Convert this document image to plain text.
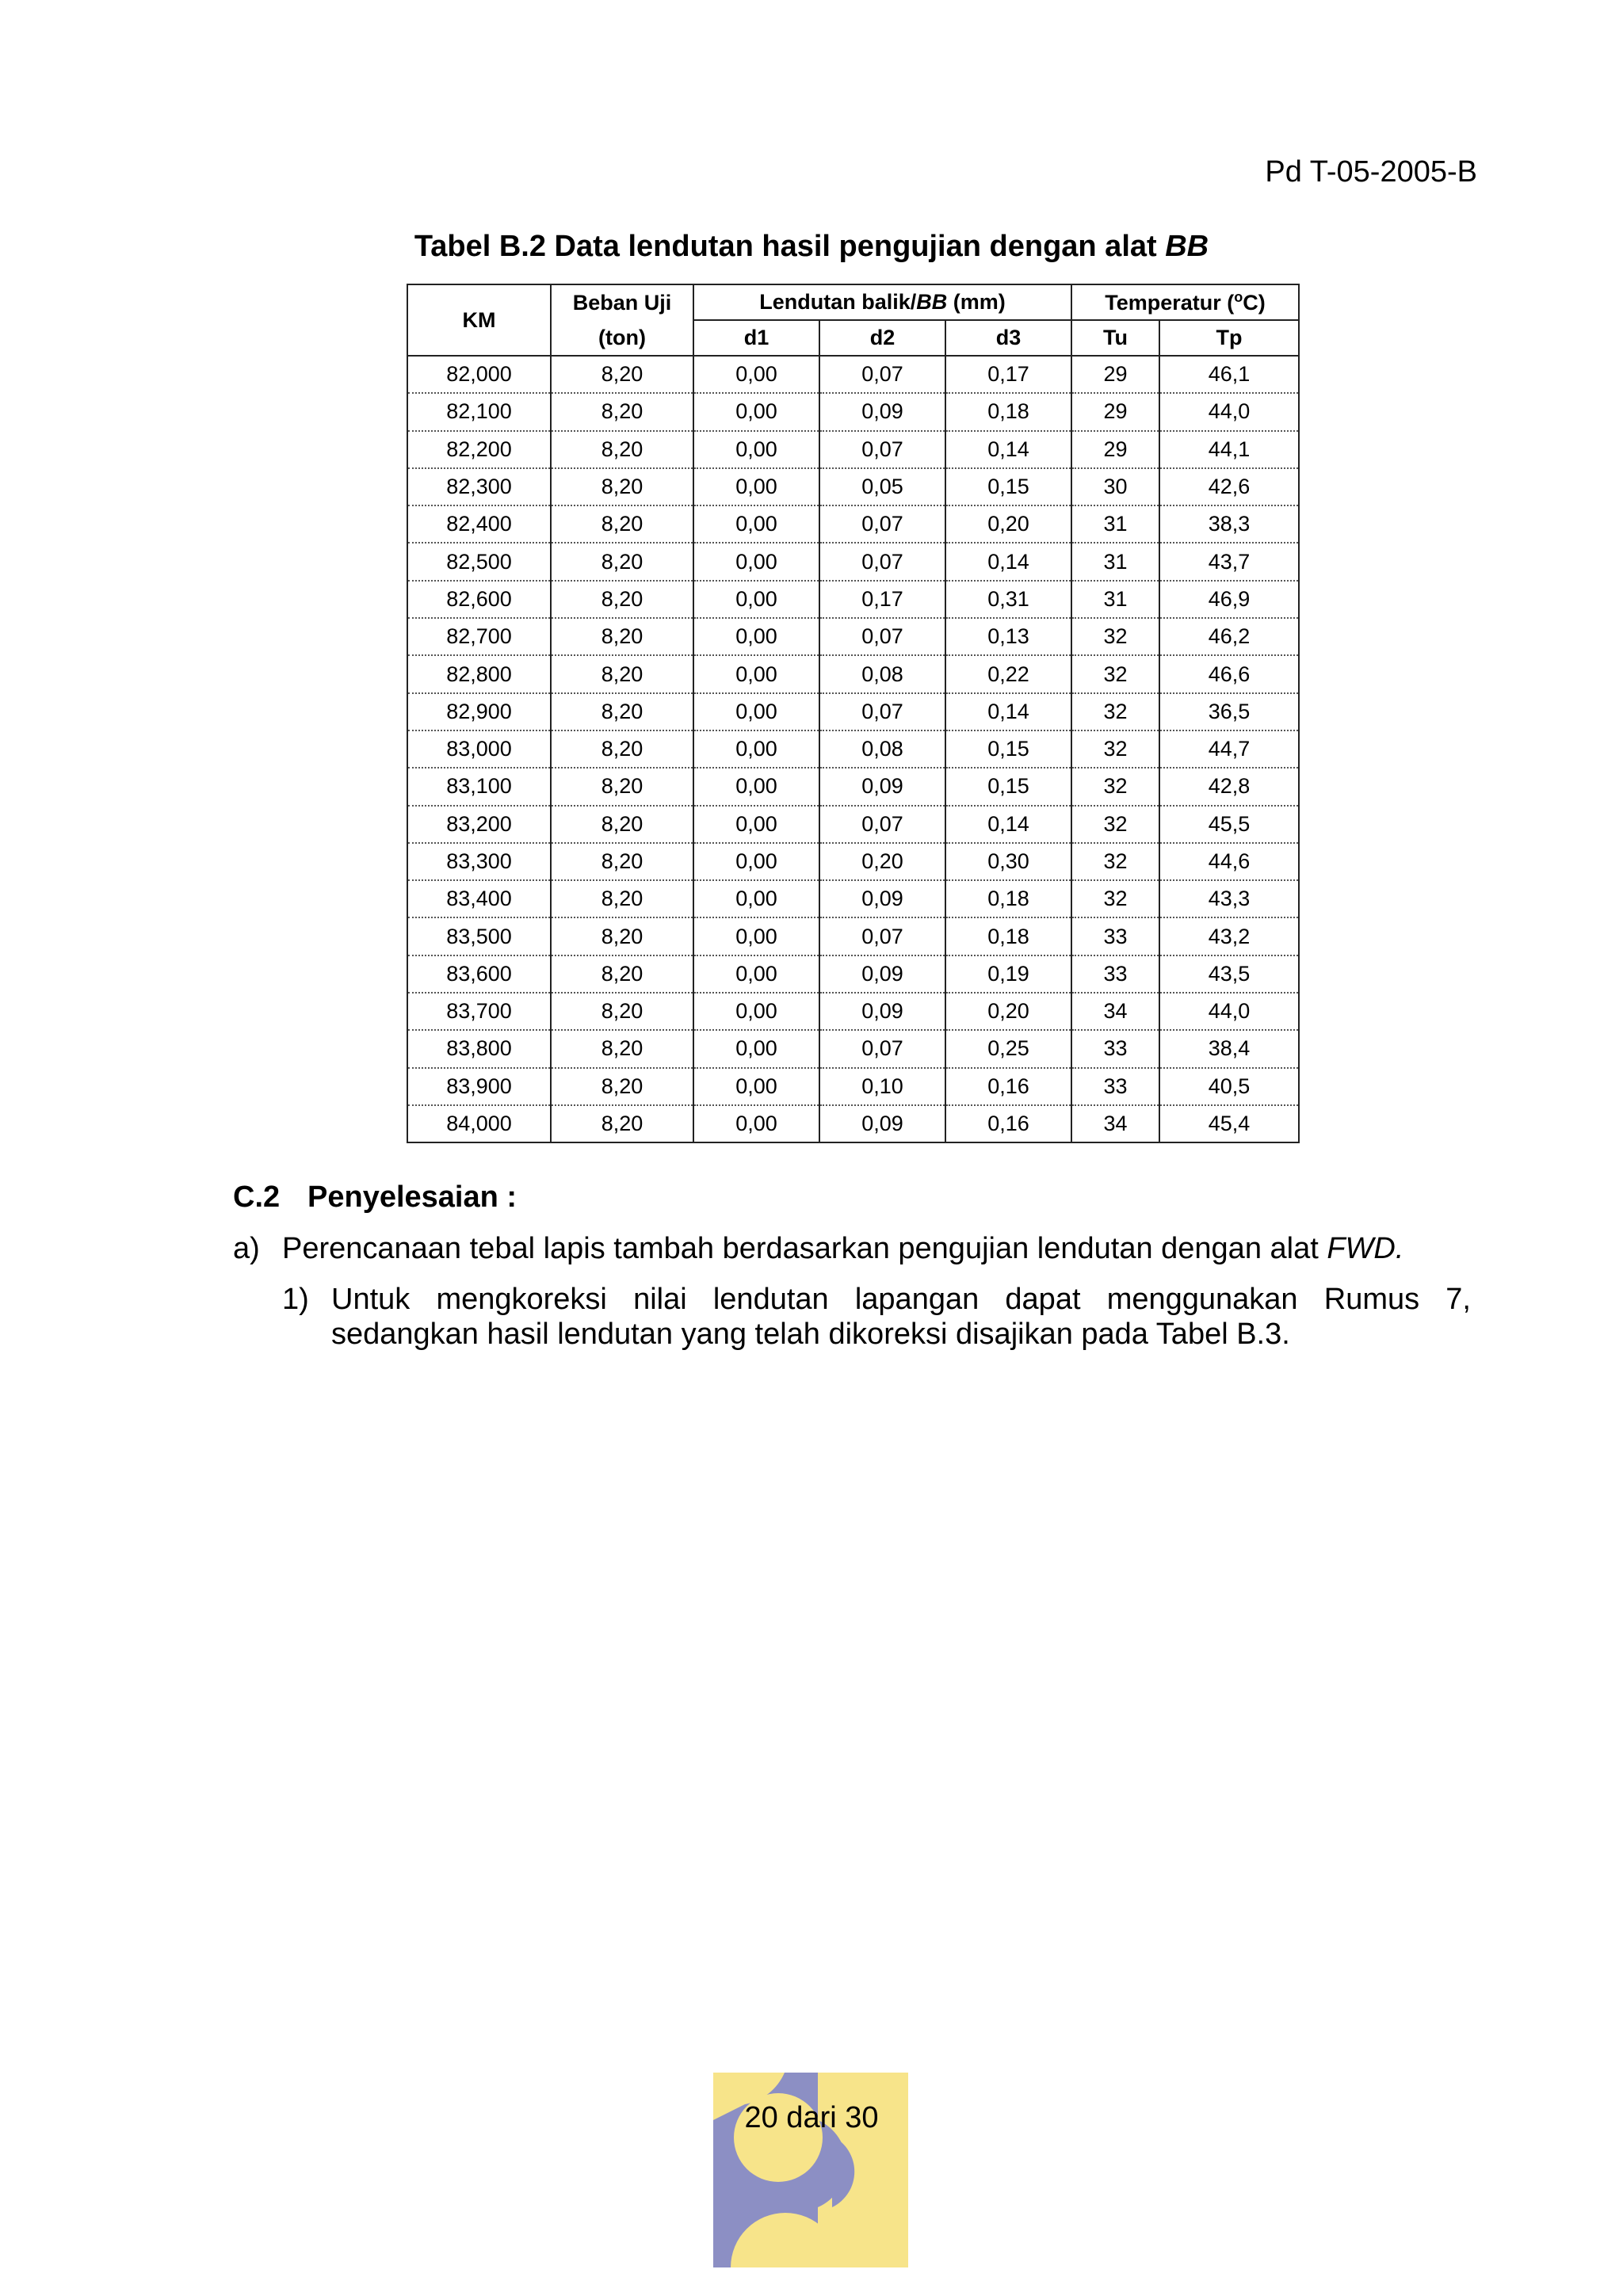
Pd T-05-2005-B
Tabel B.2 Data lendutan hasil pengujian dengan alat BB
KM	Beban Uji	Lendutan balik/BB (mm)			Temperatur ($^o$C)	
	(ton)	d1	d2	d3	Tu	Tp
82,000	8,20	0,00	0,07	0,17	29	46,1
82,100	8,20	0,00	0,09	0,18	29	44,0
82,200	8,20	0,00	0,07	0,14	29	44,1
82,300	8,20	0,00	0,05	0,15	30	42,6
82,400	8,20	0,00	0,07	0,20	31	38,3
82,500	8,20	0,00	0,07	0,14	31	43,7
82,600	8,20	0,00	0,17	0,31	31	46,9
82,700	8,20	0,00	0,07	0,13	32	46,2
82,800	8,20	0,00	0,08	0,22	32	46,6
82,900	8,20	0,00	0,07	0,14	32	36,5
83,000	8,20	0,00	0,08	0,15	32	44,7
83,100	8,20	0,00	0,09	0,15	32	42,8
83,200	8,20	0,00	0,07	0,14	32	45,5
83,300	8,20	0,00	0,20	0,30	32	44,6
83,400	8,20	0,00	0,09	0,18	32	43,3
83,500	8,20	0,00	0,07	0,18	33	43,2
83,600	8,20	0,00	0,09	0,19	33	43,5
83,700	8,20	0,00	0,09	0,20	34	44,0
83,800	8,20	0,00	0,07	0,25	33	38,4
83,900	8,20	0,00	0,10	0,16	33	40,5
84,000	8,20	0,00	0,09	0,16	34	45,4
C.2 Penyelesaian :
a) Perencanaan tebal lapis tambah berdasarkan pengujian lendutan dengan alat FWD.
1) Untuk mengkoreksi nilai lendutan lapangan dapat menggunakan Rumus 7, sedangkan hasil lendutan yang telah dikoreksi disajikan pada Tabel B.3.
20 dari 30
